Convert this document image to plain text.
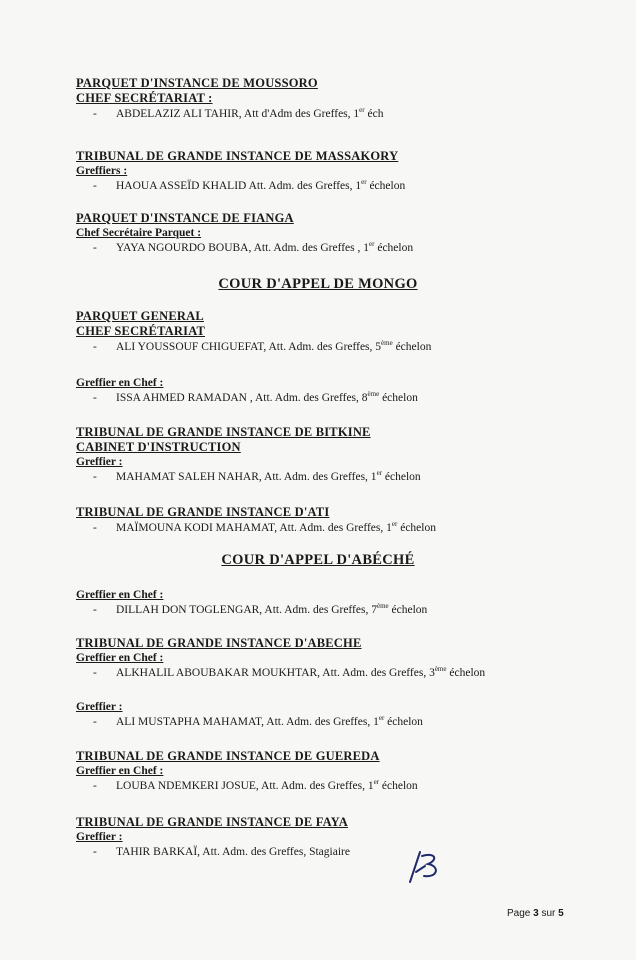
PARQUET D'INSTANCE DE MOUSSORO
CHEF SECRÉTARIAT :
- ABDELAZIZ ALI TAHIR, Att d'Adm des Greffes, 1er éch
TRIBUNAL DE GRANDE INSTANCE DE MASSAKORY
Greffiers :
- HAOUA ASSEÏD KHALID Att. Adm. des Greffes, 1er échelon
PARQUET D'INSTANCE DE FIANGA
Chef Secrétaire Parquet :
- YAYA NGOURDO BOUBA, Att. Adm. des Greffes , 1er échelon
COUR D'APPEL DE MONGO
PARQUET GENERAL
CHEF SECRÉTARIAT
- ALI YOUSSOUF CHIGUEFAT, Att. Adm. des Greffes, 5ème échelon
Greffier en Chef :
- ISSA AHMED RAMADAN , Att. Adm. des Greffes, 8ème échelon
TRIBUNAL DE GRANDE INSTANCE DE BITKINE
CABINET D'INSTRUCTION
Greffier :
- MAHAMAT SALEH NAHAR, Att. Adm. des Greffes, 1er échelon
TRIBUNAL DE GRANDE INSTANCE D'ATI
- MAÏMOUNA KODI MAHAMAT, Att. Adm. des Greffes, 1er échelon
COUR D'APPEL D'ABÉCHÉ
Greffier en Chef :
- DILLAH DON TOGLENGAR, Att. Adm. des Greffes, 7ème échelon
TRIBUNAL DE GRANDE INSTANCE D'ABECHE
Greffier en Chef :
- ALKHALIL ABOUBAKAR MOUKHTAR, Att. Adm. des Greffes, 3ème échelon
Greffier :
- ALI MUSTAPHA MAHAMAT, Att. Adm. des Greffes, 1er échelon
TRIBUNAL DE GRANDE INSTANCE DE GUEREDA
Greffier en Chef :
- LOUBA NDEMKERI JOSUE, Att. Adm. des Greffes, 1er échelon
TRIBUNAL DE GRANDE INSTANCE DE FAYA
Greffier :
- TAHIR BARKAÏ, Att. Adm. des Greffes, Stagiaire
Page 3 sur 5
